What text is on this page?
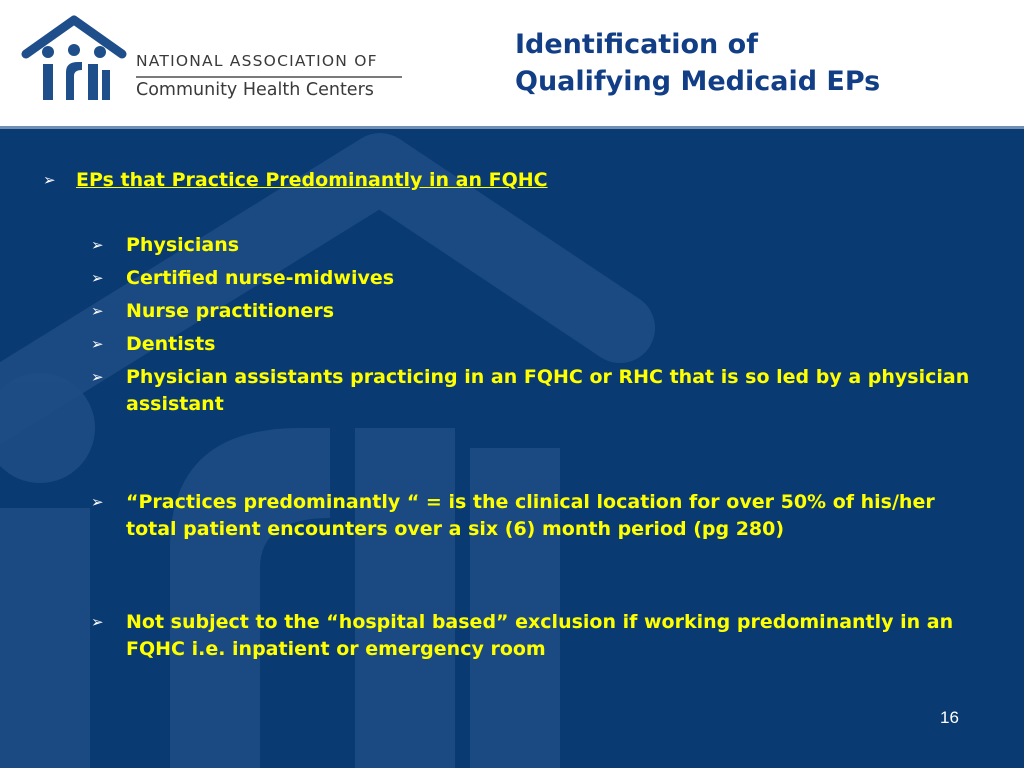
NATIONAL ASSOCIATION OF
Community Health Centers
Identification of
Qualifying Medicaid EPs
➢ EPs that Practice Predominantly in an FQHC
➢ Physicians
➢ Certified nurse-midwives
➢ Nurse practitioners
➢ Dentists
➢ Physician assistants practicing in an FQHC or RHC that is so led by a physician assistant
➢ “Practices predominantly “ = is the clinical location for over 50% of his/her total patient encounters over a six (6) month period (pg 280)
➢ Not subject to the “hospital based” exclusion if working predominantly in an FQHC i.e. inpatient or emergency room
16
